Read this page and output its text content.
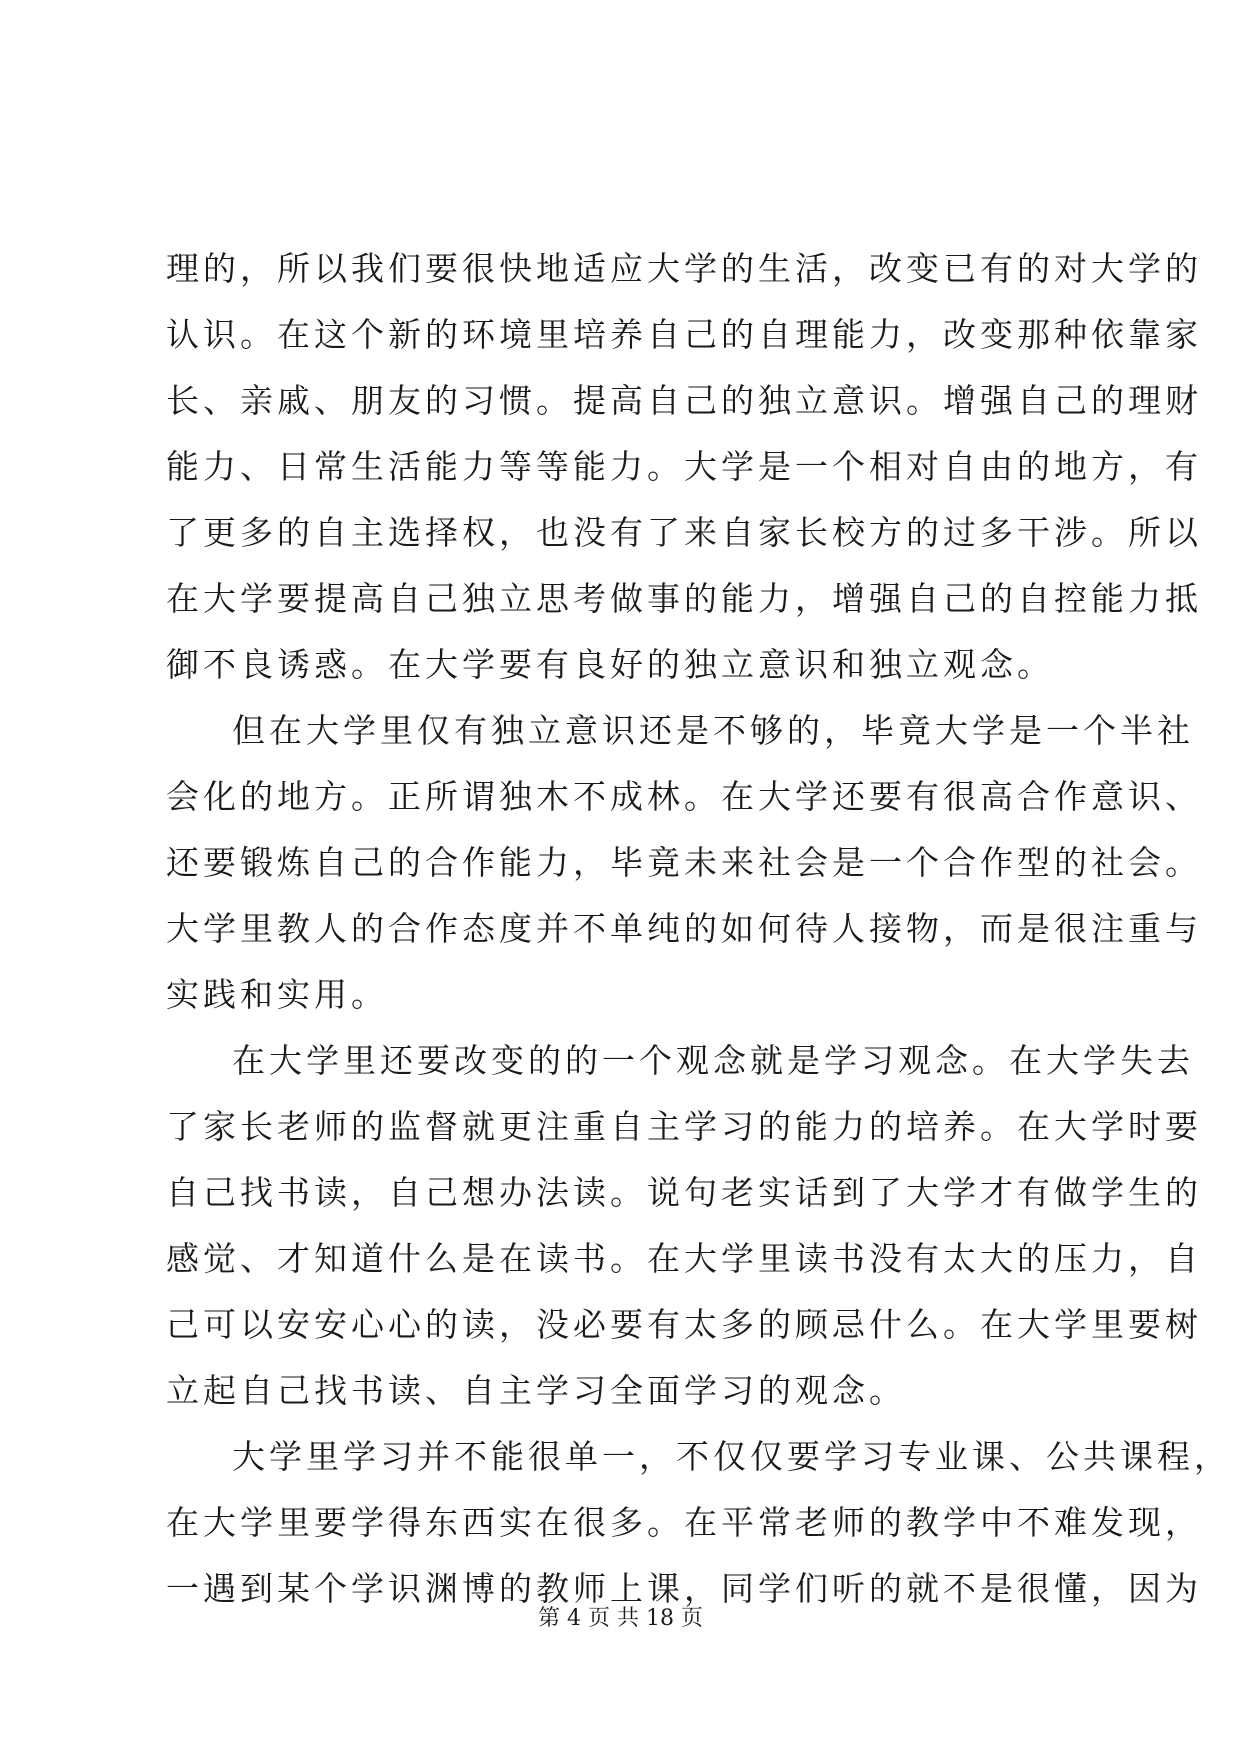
理的，所以我们要很快地适应大学的生活，改变已有的对大学的
认识。在这个新的环境里培养自己的自理能力，改变那种依靠家
长、亲戚、朋友的习惯。提高自己的独立意识。增强自己的理财
能力、日常生活能力等等能力。大学是一个相对自由的地方，有
了更多的自主选择权，也没有了来自家长校方的过多干涉。所以
在大学要提高自己独立思考做事的能力，增强自己的自控能力抵
御不良诱惑。在大学要有良好的独立意识和独立观念。
但在大学里仅有独立意识还是不够的，毕竟大学是一个半社
会化的地方。正所谓独木不成林。在大学还要有很高合作意识、
还要锻炼自己的合作能力，毕竟未来社会是一个合作型的社会。
大学里教人的合作态度并不单纯的如何待人接物，而是很注重与
实践和实用。
在大学里还要改变的的一个观念就是学习观念。在大学失去
了家长老师的监督就更注重自主学习的能力的培养。在大学时要
自己找书读，自己想办法读。说句老实话到了大学才有做学生的
感觉、才知道什么是在读书。在大学里读书没有太大的压力，自
己可以安安心心的读，没必要有太多的顾忌什么。在大学里要树
立起自己找书读、自主学习全面学习的观念。
大学里学习并不能很单一，不仅仅要学习专业课、公共课程，
在大学里要学得东西实在很多。在平常老师的教学中不难发现，
一遇到某个学识渊博的教师上课，同学们听的就不是很懂，因为
第 4 页 共 18 页
